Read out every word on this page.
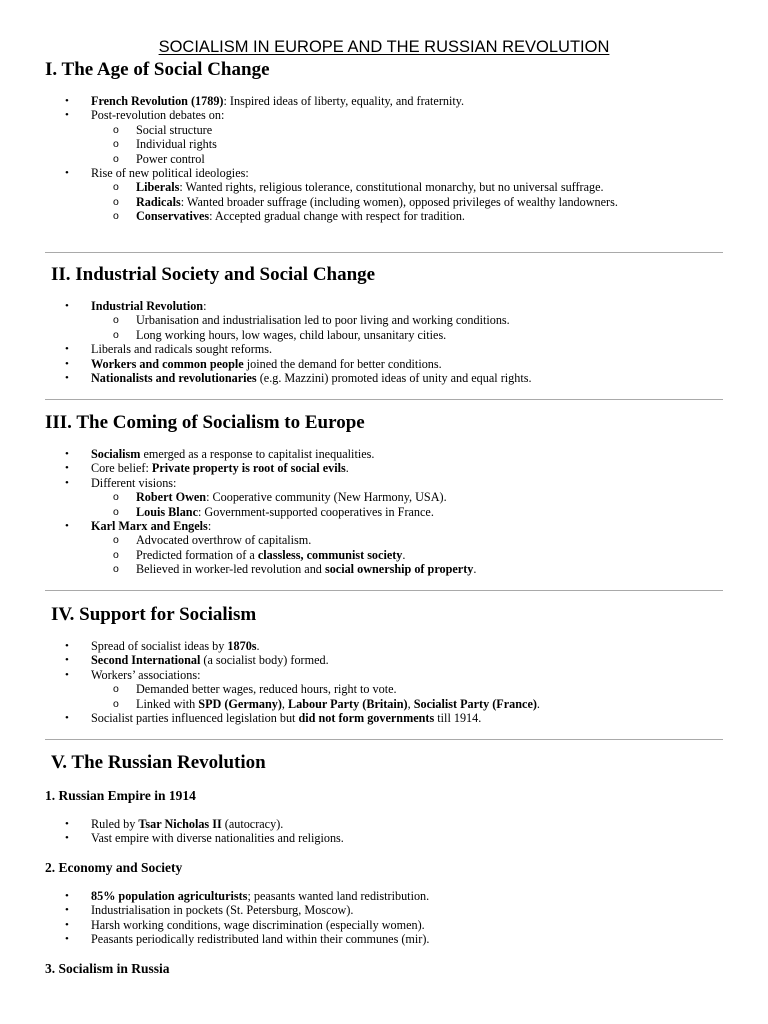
SOCIALISM IN EUROPE AND THE RUSSIAN REVOLUTION
I. The Age of Social Change
• French Revolution (1789): Inspired ideas of liberty, equality, and fraternity.
• Post-revolution debates on:
o Social structure
o Individual rights
o Power control
• Rise of new political ideologies:
o Liberals: Wanted rights, religious tolerance, constitutional monarchy, but no universal suffrage.
o Radicals: Wanted broader suffrage (including women), opposed privileges of wealthy landowners.
o Conservatives: Accepted gradual change with respect for tradition.
II. Industrial Society and Social Change
• Industrial Revolution:
o Urbanisation and industrialisation led to poor living and working conditions.
o Long working hours, low wages, child labour, unsanitary cities.
• Liberals and radicals sought reforms.
• Workers and common people joined the demand for better conditions.
• Nationalists and revolutionaries (e.g. Mazzini) promoted ideas of unity and equal rights.
III. The Coming of Socialism to Europe
• Socialism emerged as a response to capitalist inequalities.
• Core belief: Private property is root of social evils.
• Different visions:
o Robert Owen: Cooperative community (New Harmony, USA).
o Louis Blanc: Government-supported cooperatives in France.
• Karl Marx and Engels:
o Advocated overthrow of capitalism.
o Predicted formation of a classless, communist society.
o Believed in worker-led revolution and social ownership of property.
IV. Support for Socialism
• Spread of socialist ideas by 1870s.
• Second International (a socialist body) formed.
• Workers’ associations:
o Demanded better wages, reduced hours, right to vote.
o Linked with SPD (Germany), Labour Party (Britain), Socialist Party (France).
• Socialist parties influenced legislation but did not form governments till 1914.
V. The Russian Revolution
1. Russian Empire in 1914
• Ruled by Tsar Nicholas II (autocracy).
• Vast empire with diverse nationalities and religions.
2. Economy and Society
• 85% population agriculturists; peasants wanted land redistribution.
• Industrialisation in pockets (St. Petersburg, Moscow).
• Harsh working conditions, wage discrimination (especially women).
• Peasants periodically redistributed land within their communes (mir).
3. Socialism in Russia
